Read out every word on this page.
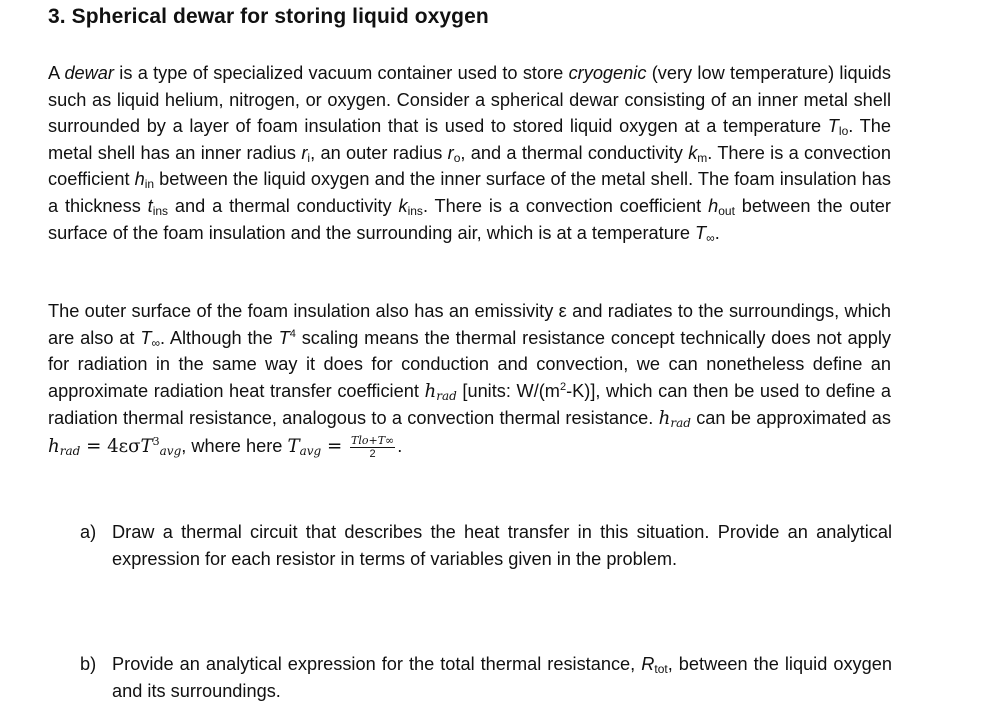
3. Spherical dewar for storing liquid oxygen
A dewar is a type of specialized vacuum container used to store cryogenic (very low temperature) liquids such as liquid helium, nitrogen, or oxygen. Consider a spherical dewar consisting of an inner metal shell surrounded by a layer of foam insulation that is used to stored liquid oxygen at a temperature $T_{lo}$. The metal shell has an inner radius $r_i$, an outer radius $r_o$, and a thermal conductivity $k_m$. There is a convection coefficient $h_{in}$ between the liquid oxygen and the inner surface of the metal shell. The foam insulation has a thickness $t_{ins}$ and a thermal conductivity $k_{ins}$. There is a convection coefficient $h_{out}$ between the outer surface of the foam insulation and the surrounding air, which is at a temperature $T_\infty$.
The outer surface of the foam insulation also has an emissivity ε and radiates to the surroundings, which are also at $T_\infty$. Although the $T^4$ scaling means the thermal resistance concept technically does not apply for radiation in the same way it does for conduction and convection, we can nonetheless define an approximate radiation heat transfer coefficient $h_{rad}$ [units: $W/(m^2-K)$], which can then be used to define a radiation thermal resistance, analogous to a convection thermal resistance. $h_{rad}$ can be approximated as $h_{rad} = 4\varepsilon\sigma T^3_{avg}$, where here $T_{avg} = \frac{\text{Tlo+T∞}}{2}$ .
a) Draw a thermal circuit that describes the heat transfer in this situation. Provide an analytical expression for each resistor in terms of variables given in the problem.
b) Provide an analytical expression for the total thermal resistance, $R_{tot}$, between the liquid oxygen and its surroundings.
